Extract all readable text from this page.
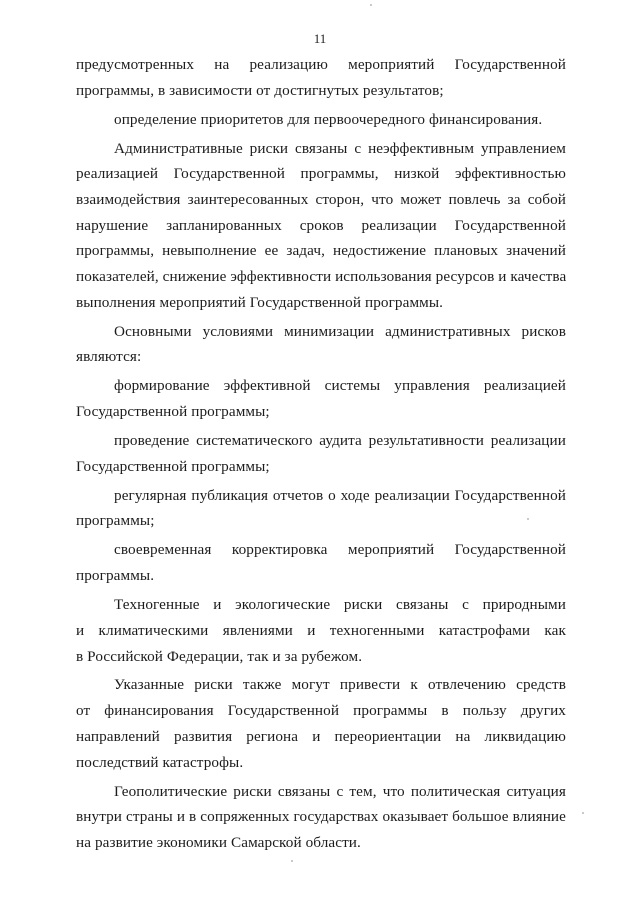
11
предусмотренных на реализацию мероприятий Государственной
программы, в зависимости от достигнутых результатов;
определение приоритетов для первоочередного финансирования.
Административные риски связаны с неэффективным управлением
реализацией Государственной программы, низкой эффективностью
взаимодействия заинтересованных сторон, что может повлечь за собой
нарушение запланированных сроков реализации Государственной
программы, невыполнение ее задач, недостижение плановых значений
показателей, снижение эффективности использования ресурсов и качества
выполнения мероприятий Государственной программы.
Основными условиями минимизации административных рисков
являются:
формирование эффективной системы управления реализацией
Государственной программы;
проведение систематического аудита результативности реализации
Государственной программы;
регулярная публикация отчетов о ходе реализации Государственной
программы;
своевременная корректировка мероприятий Государственной
программы.
Техногенные и экологические риски связаны с природными
и климатическими явлениями и техногенными катастрофами как
в Российской Федерации, так и за рубежом.
Указанные риски также могут привести к отвлечению средств
от финансирования Государственной программы в пользу других
направлений развития региона и переориентации на ликвидацию
последствий катастрофы.
Геополитические риски связаны с тем, что политическая ситуация
внутри страны и в сопряженных государствах оказывает большое влияние
на развитие экономики Самарской области.
